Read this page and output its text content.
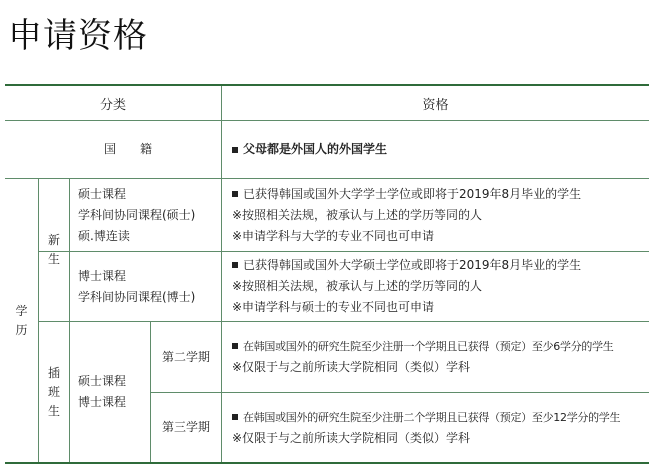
申请资格
分类	资格
国　　籍	父母都是外国人的外国学生
学
历
新
生
硕士课程
学科间协同课程(硕士)
硕.博连读
已获得韩国或国外大学学士学位或即将于2019年8月毕业的学生
※按照相关法规，被承认与上述的学历等同的人
※申请学科与大学的专业不同也可申请
博士课程
学科间协同课程(博士)
已获得韩国或国外大学硕士学位或即将于2019年8月毕业的学生
※按照相关法规，被承认与上述的学历等同的人
※申请学科与硕士的专业不同也可申请
插
班
生
硕士课程
博士课程
第二学期
在韩国或国外的研究生院至少注册一个学期且已获得（预定）至少6学分的学生
※仅限于与之前所读大学院相同（类似）学科
第三学期
在韩国或国外的研究生院至少注册二个学期且已获得（预定）至少12学分的学生
※仅限于与之前所读大学院相同（类似）学科
